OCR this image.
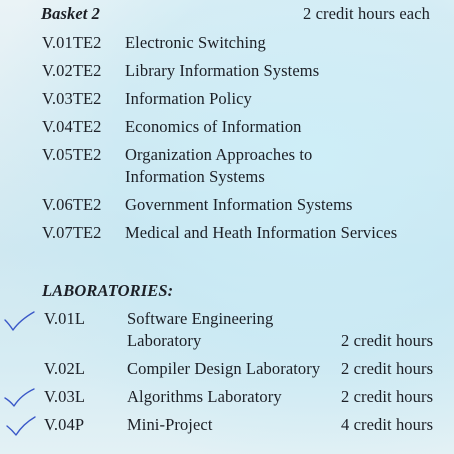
Basket 2	2 credit hours each
V.01TE2 Electronic Switching
V.02TE2 Library Information Systems
V.03TE2 Information Policy
V.04TE2 Economics of Information
V.05TE2 Organization Approaches to
Information Systems
V.06TE2 Government Information Systems
V.07TE2 Medical and Heath Information Services
LABORATORIES:
V.01L	Software Engineering
Laboratory	2 credit hours
V.02L	Compiler Design Laboratory 2 credit hours
V.03L	Algorithms Laboratory	2 credit hours
V.04P	Mini-Project	4 credit hours
